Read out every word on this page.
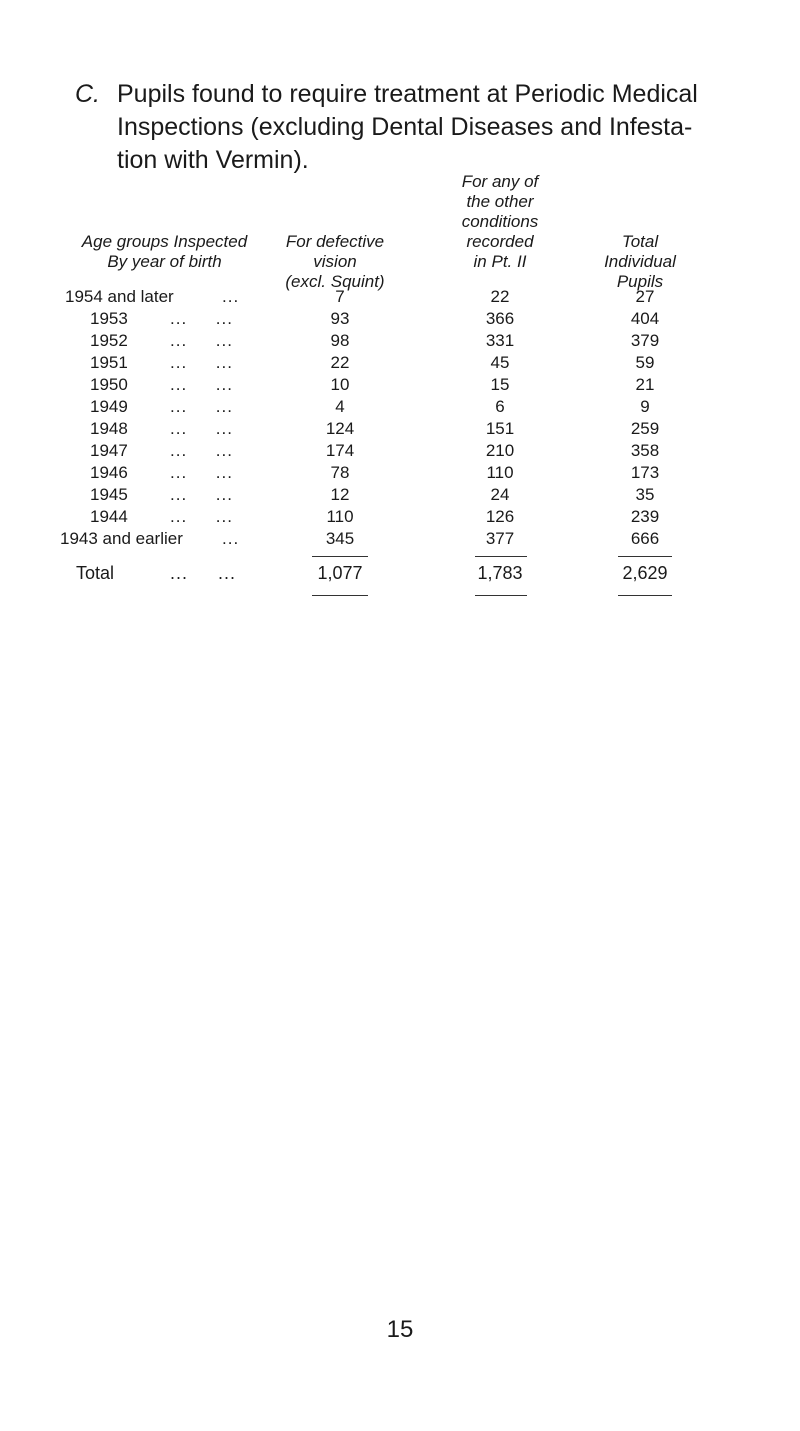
C. Pupils found to require treatment at Periodic Medical
Inspections (excluding Dental Diseases and Infesta-
tion with Vermin).
Age groups Inspected
By year of birth
For defective
vision
(excl. Squint)
For any of
the other
conditions
recorded
in Pt. II
Total
Individual
Pupils
1954 and later	...	7	22	27
1953 ...     ...	93	366	404
1952 ...     ...	98	331	379
1951 ...     ...	22	45	59
1950 ...     ...	10	15	21
1949 ...     ...	4	6	9
1948 ...     ...	124	151	259
1947 ...     ...	174	210	358
1946 ...     ...	78	110	173
1945 ...     ...	12	24	35
1944 ...     ...	110	126	239
1943 and earlier ...	345	377	666
Total	...     ...	1,077	1,783	2,629
15
